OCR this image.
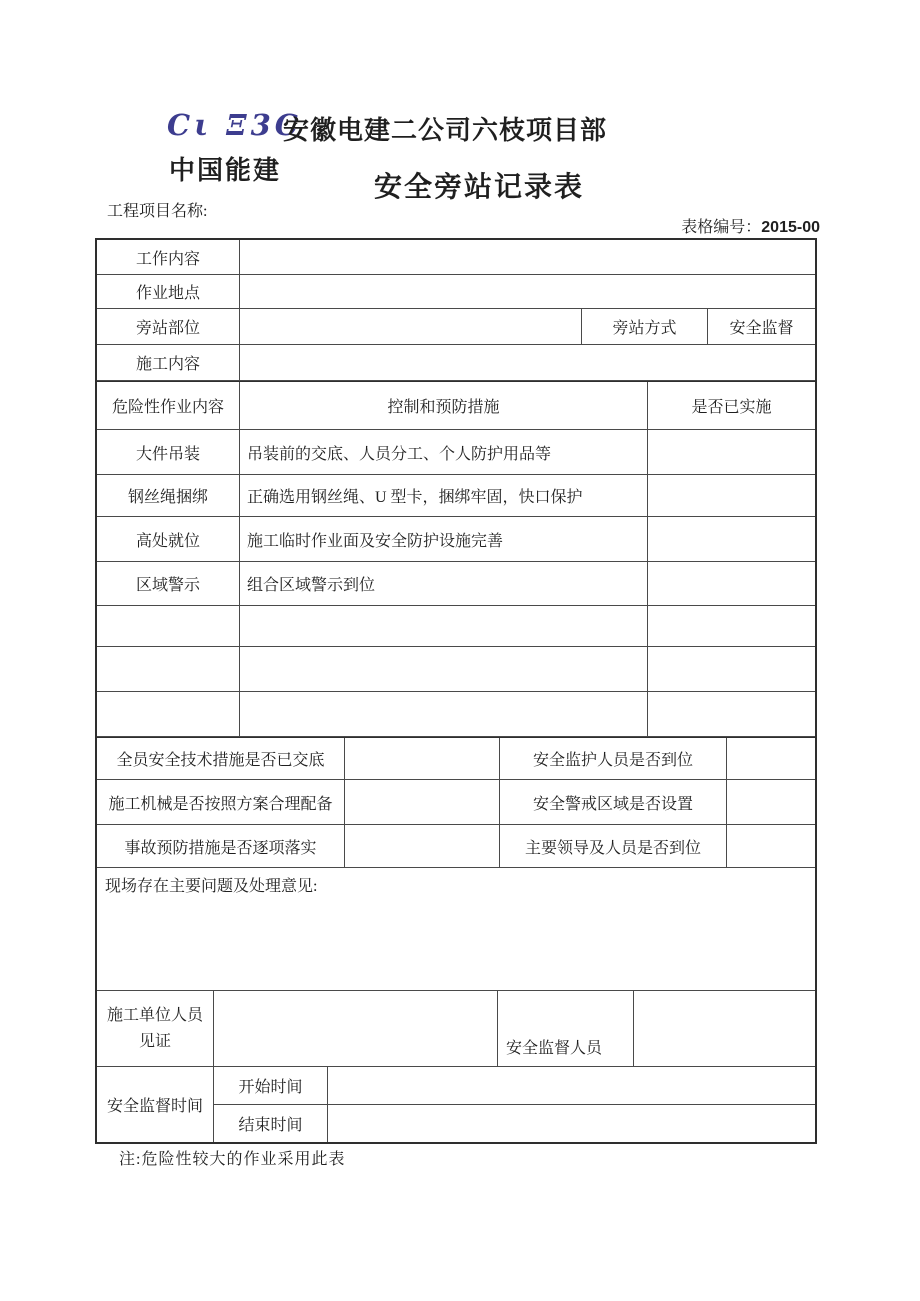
Cι Ξ3C
安徽电建二公司六枝项目部
中国能建
安全旁站记录表
工程项目名称:
表格编号：2015-00
工作内容
作业地点
旁站部位	旁站方式	安全监督
施工内容
危险性作业内容	控制和预防措施	是否已实施
大件吊装	吊装前的交底、人员分工、个人防护用品等
钢丝绳捆绑	正确选用钢丝绳、U 型卡，捆绑牢固，快口保护
高处就位	施工临时作业面及安全防护设施完善
区域警示	组合区域警示到位
全员安全技术措施是否已交底	安全监护人员是否到位
施工机械是否按照方案合理配备	安全警戒区域是否设置
事故预防措施是否逐项落实	主要领导及人员是否到位
现场存在主要问题及处理意见:
施工单位人员见证	安全监督人员
安全监督时间
开始时间
结束时间
注:危险性较大的作业采用此表
